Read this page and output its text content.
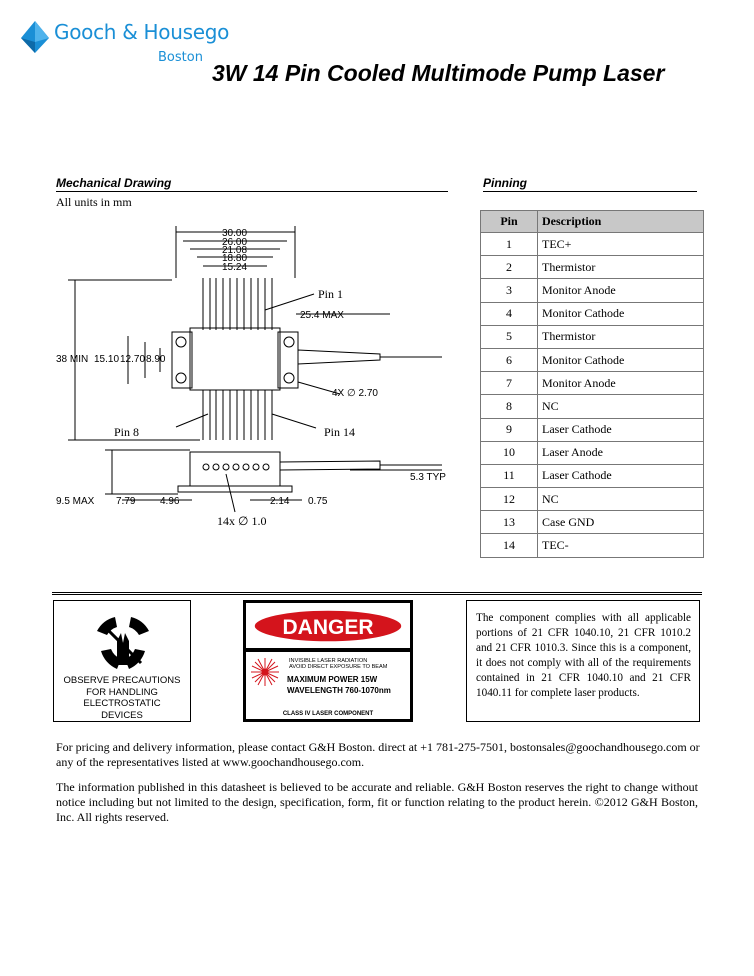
Gooch & Housego
Boston
3W 14 Pin Cooled Multimode Pump Laser
Mechanical Drawing	Pinning
All units in mm
30.00
26.00
21.08
18.80
15.24
25.4 MAX
38 MIN 15.10 12.70 8.90
4X ∅ 2.70
5.3 TYP
9.5 MAX 7.79 4.96	2.14 0.75
14x ∅ 1.0
Pin 1
Pin 8	Pin 14
Pin	Description
1	TEC+
2	Thermistor
3	Monitor Anode
4	Monitor Cathode
5	Thermistor
6	Monitor Cathode
7	Monitor Anode
8	NC
9	Laser Cathode
10	Laser Anode
11	Laser Cathode
12	NC
13	Case GND
14	TEC-
OBSERVE PRECAUTIONS
FOR HANDLING
ELECTROSTATIC
DEVICES
DANGER
INVISIBLE LASER RADIATION
AVOID DIRECT EXPOSURE TO BEAM
MAXIMUM POWER 15W
WAVELENGTH 760-1070nm
CLASS IV LASER COMPONENT
The component complies with all applicable portions of 21 CFR 1040.10, 21 CFR 1010.2 and 21 CFR 1010.3. Since this is a component, it does not comply with all of the requirements contained in 21 CFR 1040.10 and 21 CFR 1040.11 for complete laser products.
For pricing and delivery information, please contact G&H Boston. direct at +1 781-275-7501, bostonsales@goochandhousego.com or any of the representatives listed at www.goochandhousego.com.
The information published in this datasheet is believed to be accurate and reliable. G&H Boston reserves the right to change without notice including but not limited to the design, specification, form, fit or function relating to the product herein. ©2012 G&H Boston, Inc. All rights reserved.
